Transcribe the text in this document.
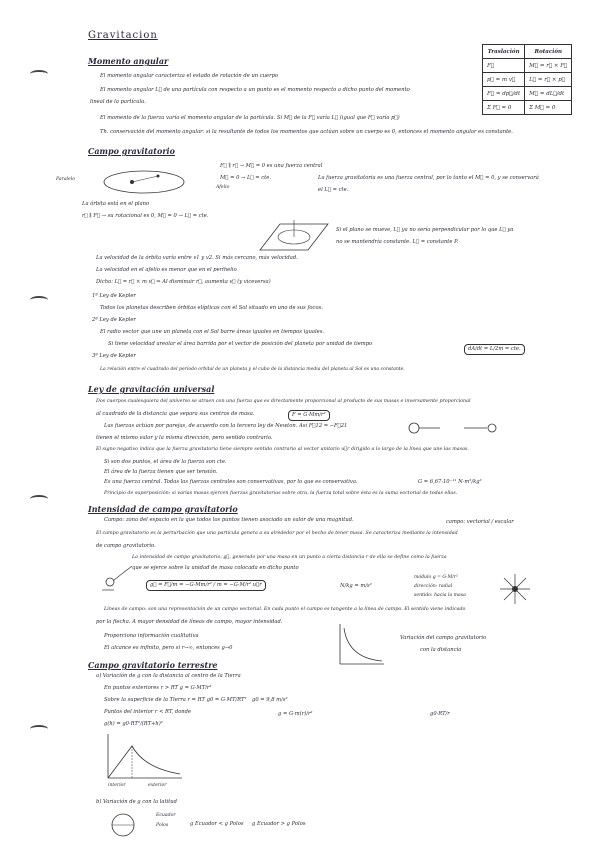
Gravitacion
Traslación	Rotación
F⃗	M⃗ = r⃗ × F⃗
p⃗ = m v⃗	L⃗ = r⃗ × p⃗
F⃗ = dp⃗/dt	M⃗ = dL⃗/dt
Σ F⃗ = 0	Σ M⃗ = 0
Momento angular
El momento angular caracteriza el estado de rotación de un cuerpo
El momento angular L⃗ de una partícula con respecto a un punto es el momento respecto a dicho punto del momento
lineal de la partícula.
El momento de la fuerza varía el momento angular de la partícula. Si M⃗ de la F⃗ varía L⃗ (igual que F⃗ varía p⃗)
Th. conservación del momento angular: si la resultante de todos los momentos que actúan sobre un cuerpo es 0, entonces el momento angular es constante.
Campo gravitatorio
Paralelo
Afelio
F⃗ ∥ r⃗ → M⃗ = 0 es una fuerza central
M⃗ = 0 → L⃗ = cte.	La fuerza gravitatoria es una fuerza central, por lo tanto el M⃗ = 0, y se conservará
el L⃗ = cte.
La órbita está en el plano
r⃗ ∥ F⃗ → su rotacional es 0, M⃗ = 0 → L⃗ = cte.
Si el plano se mueve, L⃗ ya no sería perpendicular por lo que L⃗ ya
no se mantendría constante. L⃗ = constante P.
La velocidad de la órbita varía entre v1 y v2. Si más cercano, más velocidad.
La velocidad en el afelio es menor que en el perihelio
Dicho: L⃗ = r⃗ × m v⃗ ⇒ Al disminuir r⃗, aumenta v⃗ (y viceversa)
1ª Ley de Kepler
Todos los planetas describen órbitas elípticas con el Sol situado en uno de sus focos.
2ª Ley de Kepler
El radio vector que une un planeta con el Sol barre áreas iguales en tiempos iguales.
Si tiene velocidad areolar el área barrida por el vector de posición del planeta por unidad de tiempo
dA/dt = L/2m = cte.
3ª Ley de Kepler
La relación entre el cuadrado del período orbital de un planeta y el cubo de la distancia media del planeta al Sol es una constante.
Ley de gravitación universal
Dos cuerpos cualesquiera del universo se atraen con una fuerza que es directamente proporcional al producto de sus masas e inversamente proporcional
al cuadrado de la distancia que separa sus centros de masa.	F = G·Mm/r²
Las fuerzas actúan por parejas, de acuerdo con la tercera ley de Newton. Así F⃗12 = −F⃗21
tienen el mismo valor y la misma dirección, pero sentido contrario.
El signo negativo indica que la fuerza gravitatoria tiene siempre sentido contrario al vector unitario u⃗r dirigido a lo largo de la línea que une las masas.
Si son dos puntos, el área de la fuerza son cte.
El área de la fuerza tienen que ser tensión.
Es una fuerza central. Todas las fuerzas centrales son conservativas, por lo que es conservativa.	G = 6,67·10⁻¹¹ N·m²/kg²
Principio de superposición: si varias masas ejercen fuerzas gravitatorias sobre otra, la fuerza total sobre ésta es la suma vectorial de todas ellas.
Intensidad de campo gravitatorio
Campo: zona del espacio en la que todos los puntos tienen asociado un valor de una magnitud.	campo: vectorial / escalar
El campo gravitatorio es la perturbación que una partícula genera a su alrededor por el hecho de tener masa. Se caracteriza mediante la intensidad
de campo gravitatorio.
La intensidad de campo gravitatorio, g⃗, generado por una masa en un punto a cierta distancia r de ella se define como la fuerza
que se ejerce sobre la unidad de masa colocada en dicho punto
g⃗ = F⃗/m = −G·Mm/r² / m = −G·M/r² u⃗r	N/kg = m/s²
módulo g = G·M/r²
dirección: radial
sentido: hacia la masa
Líneas de campo: son una representación de un campo vectorial. En cada punto el campo es tangente a la línea de campo. El sentido viene indicado
por la flecha. A mayor densidad de líneas de campo, mayor intensidad.
Proporciona información cualitativa
El alcance es infinito, pero si r→∞, entonces g→0
Variación del campo gravitatorio
con la distancia
Campo gravitatorio terrestre
a) Variación de g con la distancia al centro de la Tierra
En puntos exteriores r > RT g = G·MT/r²
Sobre la superficie de la Tierra r = RT g0 = G·MT/RT² g0 = 9,8 m/s²
Puntos del interior r < RT, donde
g(h) = g0·RT²/(RT+h)²
g = G·m(r)/r²	g0·RT/r
interior	exterior
b) Variación de g con la latitud
Ecuador
Polos	g Ecuador < g Polos g Ecuador > g Polos
